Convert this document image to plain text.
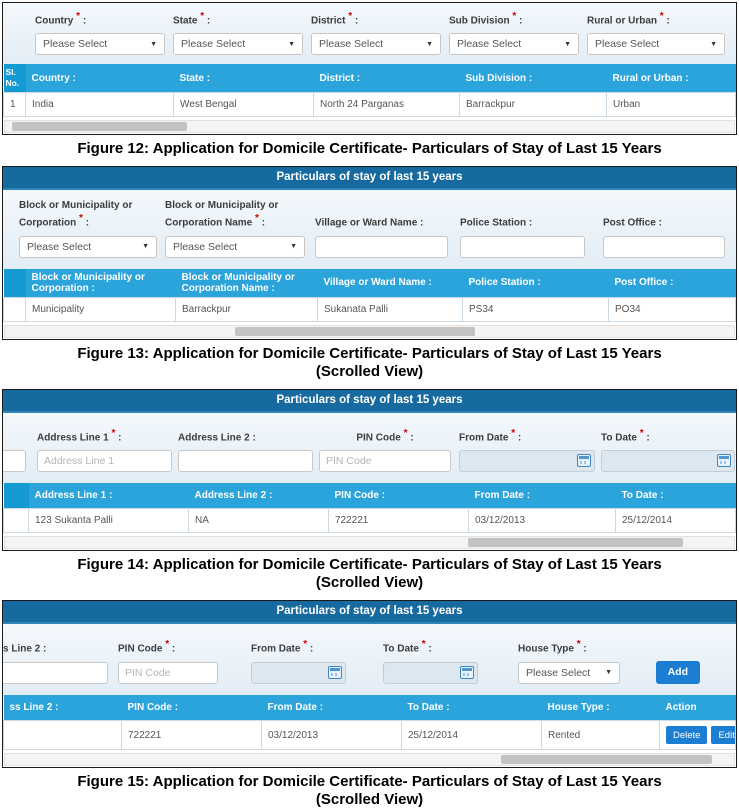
Country * :
Please Select	▼
State * :
Please Select	▼
District * :
Please Select	▼
Sub Division * :
Please Select	▼
Rural or Urban * :
Please Select	▼
Sl. No.	Country :	State :	District :	Sub Division :	Rural or Urban :
1	India	West Bengal	North 24 Parganas	Barrackpur	Urban
Figure 12: Application for Domicile Certificate- Particulars of Stay of Last 15 Years
Particulars of stay of last 15 years
Block or Municipality or Corporation * :
Please Select	▼
Block or Municipality or Corporation Name * :
Please Select	▼
Village or Ward Name :	Police Station :	Post Office :
	Block or Municipality or Corporation :	Block or Municipality or Corporation Name :	Village or Ward Name :	Police Station :	Post Office :
	Municipality	Barrackpur	Sukanata Palli	PS34	PO34
Figure 13: Application for Domicile Certificate- Particulars of Stay of Last 15 Years
(Scrolled View)
Particulars of stay of last 15 years
Address Line 1 * :
Address Line 1	Address Line 2 :	PIN Code * :
PIN Code	From Date * :	To Date * :
	Address Line 1 :	Address Line 2 :	PIN Code :	From Date :	To Date :
	123 Sukanta Palli	NA	722221	03/12/2013	25/12/2014
Figure 14: Application for Domicile Certificate- Particulars of Stay of Last 15 Years
(Scrolled View)
Particulars of stay of last 15 years
s Line 2 :	PIN Code * :
PIN Code	From Date * :	To Date * :	House Type * :
Please Select ▼	Add
ss Line 2 :	PIN Code :	From Date :	To Date :	House Type :	Action
	722221	03/12/2013	25/12/2014	Rented	Delete Edit
Figure 15: Application for Domicile Certificate- Particulars of Stay of Last 15 Years
(Scrolled View)
